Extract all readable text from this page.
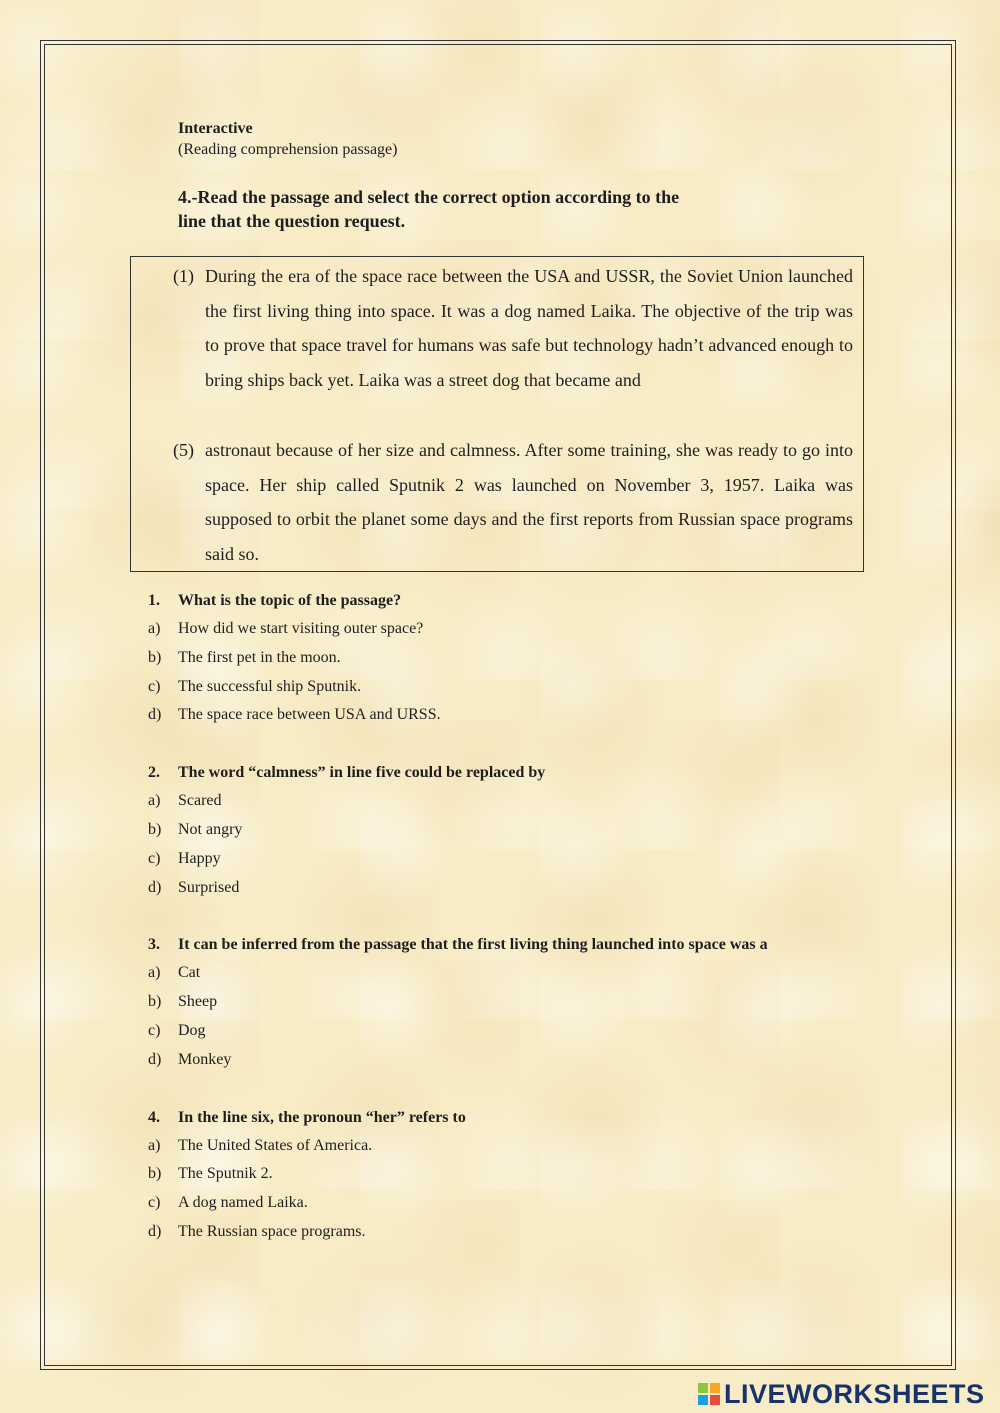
Interactive
(Reading comprehension passage)
4.-Read the passage and select the correct option according to the
line that the question request.
(1) During the era of the space race between the USA and USSR, the Soviet Union launched the first living thing into space. It was a dog named Laika. The objective of the trip was to prove that space travel for humans was safe but technology hadn’t advanced enough to bring ships back yet. Laika was a street dog that became and
(5) astronaut because of her size and calmness. After some training, she was ready to go into space. Her ship called Sputnik 2 was launched on November 3, 1957. Laika was supposed to orbit the planet some days and the first reports from Russian space programs said so.
1. What is the topic of the passage?
a) How did we start visiting outer space?
b) The first pet in the moon.
c) The successful ship Sputnik.
d) The space race between USA and URSS.
2. The word “calmness” in line five could be replaced by
a) Scared
b) Not angry
c) Happy
d) Surprised
3. It can be inferred from the passage that the first living thing launched into space was a
a) Cat
b) Sheep
c) Dog
d) Monkey
4. In the line six, the pronoun “her” refers to
a) The United States of America.
b) The Sputnik 2.
c) A dog named Laika.
d) The Russian space programs.
LIVEWORKSHEETS
